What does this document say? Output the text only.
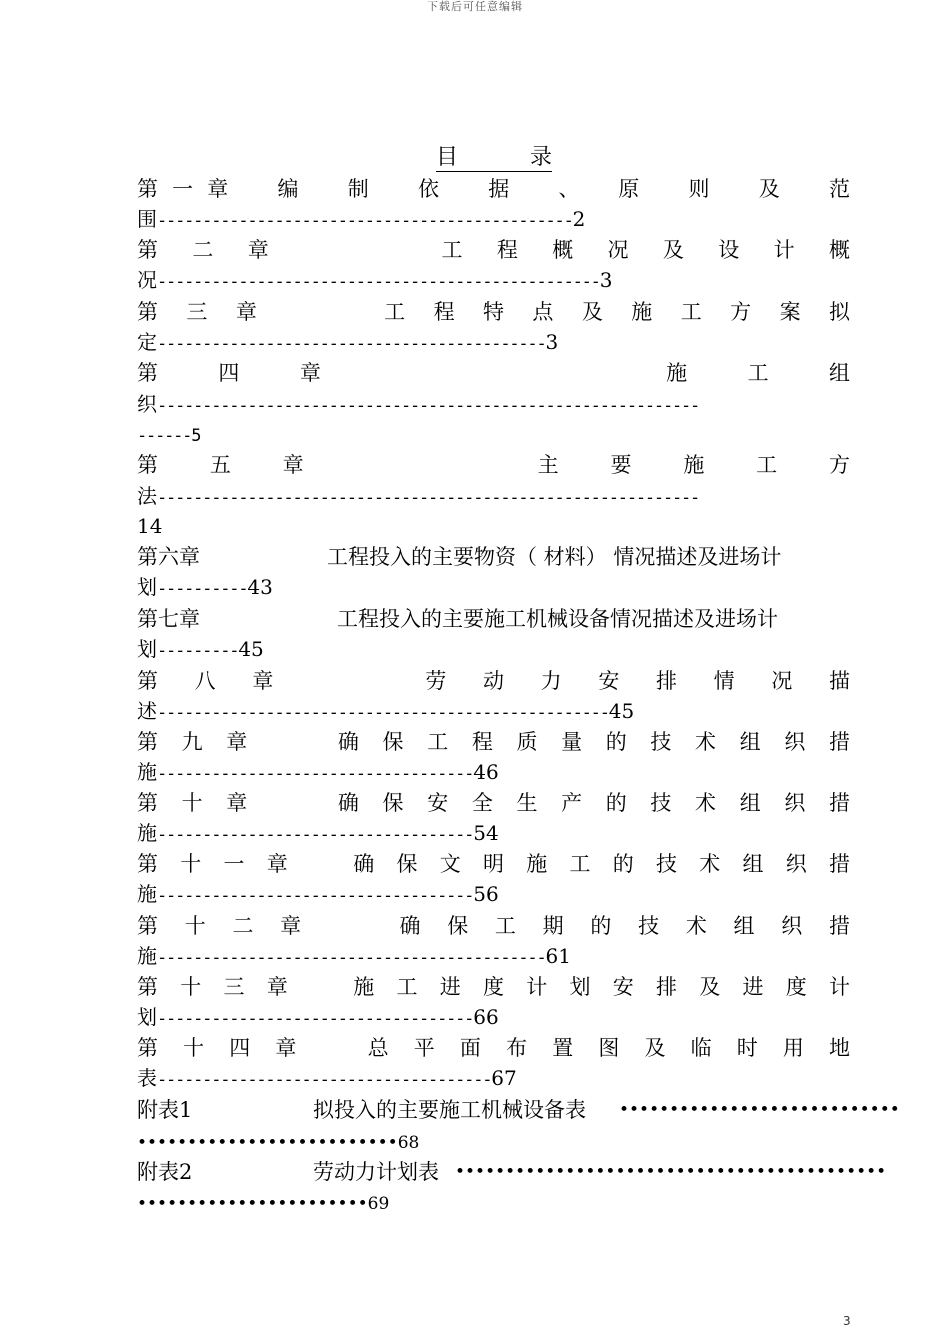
下载后可任意编辑
目　　录
第一章　编　制　依　据　、　原　则　及　范
围----------------------------------------------2
第　二　章　　　　　　工　程　概　况　及　设　计　概
况-------------------------------------------------3
第　三　章　　　　　工　程　特　点　及　施　工　方　案　拟
定-------------------------------------------3
第　四　章　　　　　　　　施　工　组
织------------------------------------------------------------
------5
第　五　章　　　　　　主　要　施　工　方
法------------------------------------------------------------
14
第六章	工程投入的主要物资（ 材料） 情况描述及进场计
划----------43
第七章	工程投入的主要施工机械设备情况描述及进场计
划---------45
第　八　章　　　　　劳　动　力　安　排　情　况　描
述--------------------------------------------------45
第　九　章　　　　确　保　工　程　质　量　的　技　术　组　织　措
施-----------------------------------46
第　十　章　　　　确　保　安　全　生　产　的　技　术　组　织　措
施-----------------------------------54
第　十　一　章　　　确　保　文　明　施　工　的　技　术　组　织　措
施-----------------------------------56
第　十　二　章　　　　确　保　工　期　的　技　术　组　织　措
施-------------------------------------------61
第　十　三　章　　　施　工　进　度　计　划　安　排　及　进　度　计
划-----------------------------------66
第　十　四　章　　　总　平　面　布　置　图　及　临　时　用　地
表-------------------------------------67
附表1	拟投入的主要施工机械设备表 ••••••••••••••••••••••••••••
••••••••••••••••••••••••••68
附表2	劳动力计划表 •••••••••••••••••••••••••••••••••••••••••••
•••••••••••••••••••••••69
3
